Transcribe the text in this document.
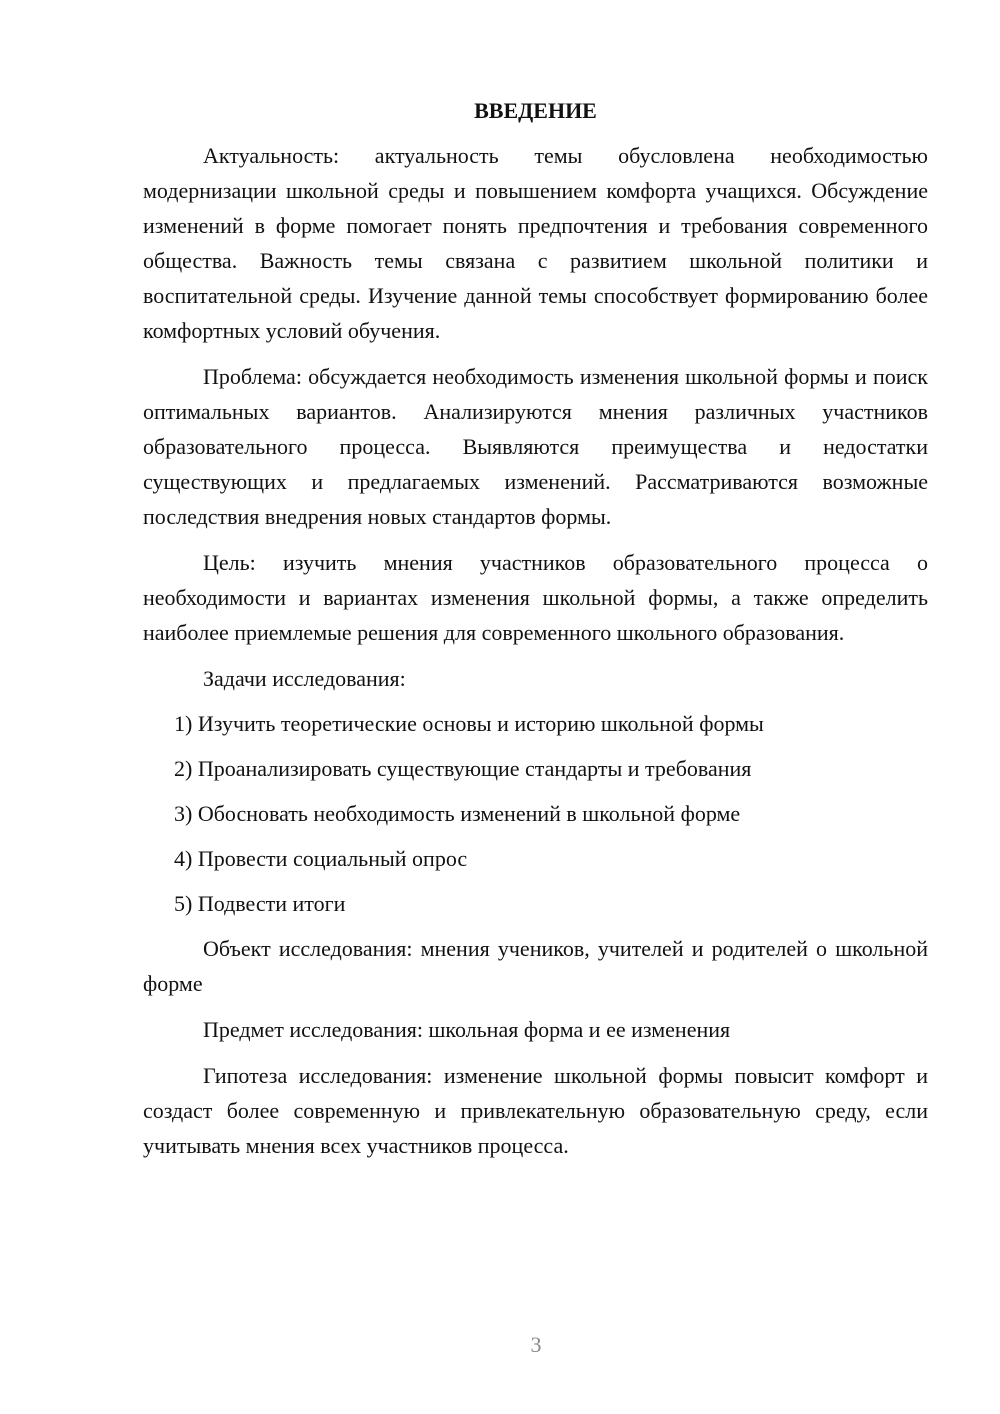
ВВЕДЕНИЕ

Актуальность: актуальность темы обусловлена необходимостью модернизации школьной среды и повышением комфорта учащихся. Обсуждение изменений в форме помогает понять предпочтения и требования современного общества. Важность темы связана с развитием школьной политики и воспитательной среды. Изучение данной темы способствует формированию более комфортных условий обучения.

Проблема: обсуждается необходимость изменения школьной формы и поиск оптимальных вариантов. Анализируются мнения различных участников образовательного процесса. Выявляются преимущества и недостатки существующих и предлагаемых изменений. Рассматриваются возможные последствия внедрения новых стандартов формы.

Цель: изучить мнения участников образовательного процесса о необходимости и вариантах изменения школьной формы, а также определить наиболее приемлемые решения для современного школьного образования.

Задачи исследования:

1) Изучить теоретические основы и историю школьной формы
2) Проанализировать существующие стандарты и требования
3) Обосновать необходимость изменений в школьной форме
4) Провести социальный опрос
5) Подвести итоги

Объект исследования: мнения учеников, учителей и родителей о школьной форме

Предмет исследования: школьная форма и ее изменения

Гипотеза исследования: изменение школьной формы повысит комфорт и создаст более современную и привлекательную образовательную среду, если учитывать мнения всех участников процесса.

3
